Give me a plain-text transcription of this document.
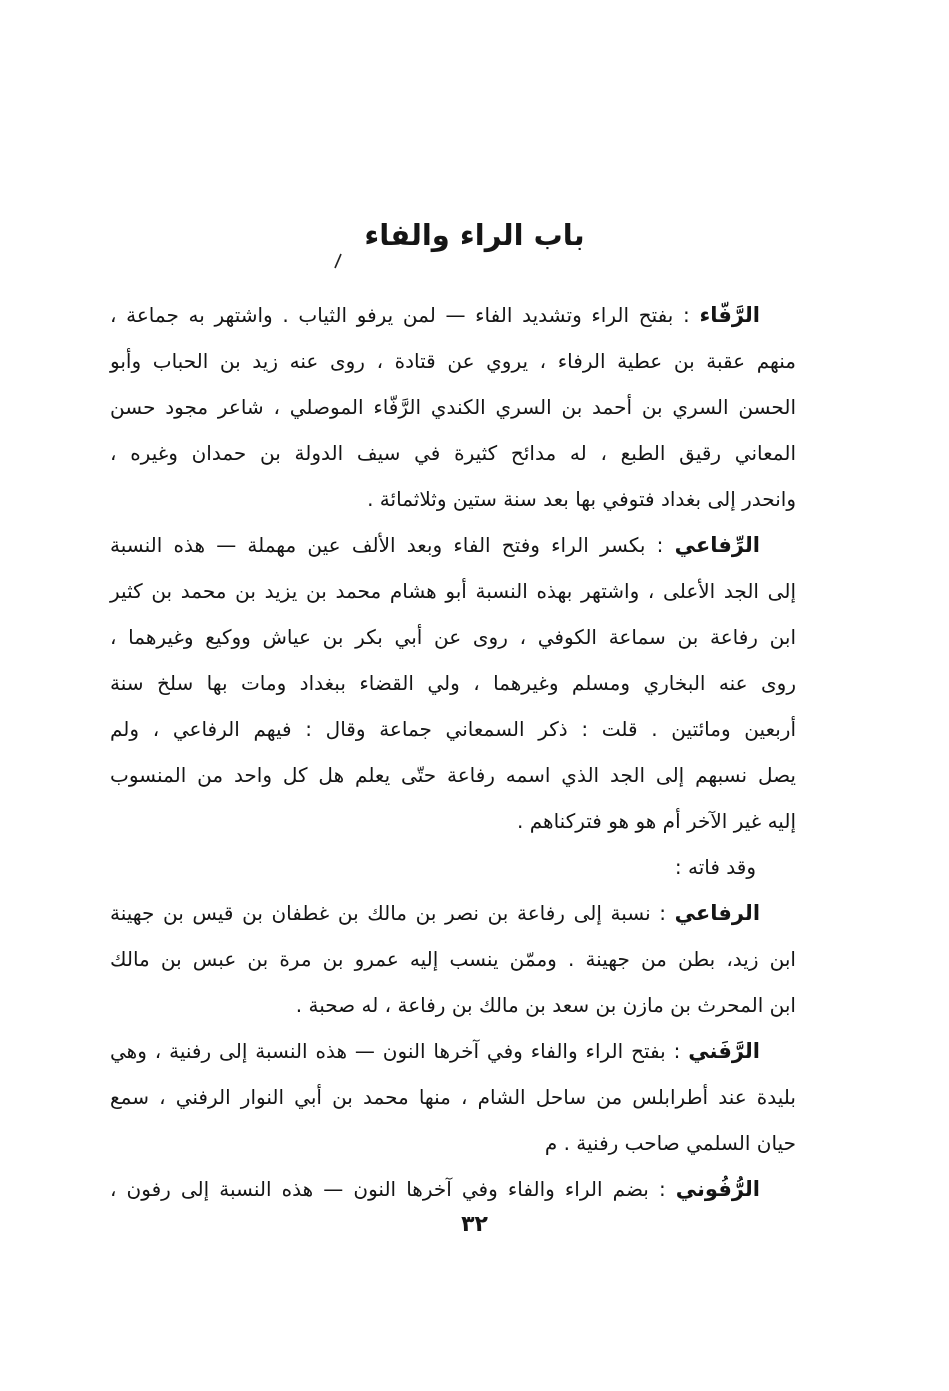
باب الراء والفاء
الرَّفّاء : بفتح الراء وتشديد الفاء — لمن يرفو الثياب . واشتهر به جماعة ،
منهم عقبة بن عطية الرفاء ، يروي عن قتادة ، روى عنه زيد بن الحباب وأبو
الحسن السري بن أحمد بن السري الكندي الرَّفّاء الموصلي ، شاعر مجود حسن
المعاني رقيق الطبع ، له مدائح كثيرة في سيف الدولة بن حمدان وغيره ،
وانحدر إلى بغداد فتوفي بها بعد سنة ستين وثلاثمائة .
الرِّفاعي : بكسر الراء وفتح الفاء وبعد الألف عين مهملة — هذه النسبة
إلى الجد الأعلى ، واشتهر بهذه النسبة أبو هشام محمد بن يزيد بن محمد بن كثير
ابن رفاعة بن سماعة الكوفي ، روى عن أبي بكر بن عياش ووكيع وغيرهما ،
روى عنه البخاري ومسلم وغيرهما ، ولي القضاء ببغداد ومات بها سلخ سنة
أربعين ومائتين . قلت : ذكر السمعاني جماعة وقال : فيهم الرفاعي ، ولم
يصل نسبهم إلى الجد الذي اسمه رفاعة حتّى يعلم هل كل واحد من المنسوب
إليه غير الآخر أم هو هو فتركناهم .
وقد فاته :
الرفاعي : نسبة إلى رفاعة بن نصر بن مالك بن غطفان بن قيس بن جهينة
ابن زيد، بطن من جهينة . وممّن ينسب إليه عمرو بن مرة بن عبس بن مالك
ابن المحرث بن مازن بن سعد بن مالك بن رفاعة ، له صحبة .
الرَّفَني : بفتح الراء والفاء وفي آخرها النون — هذه النسبة إلى رفنية ، وهي
بليدة عند أطرابلس من ساحل الشام ، منها محمد بن أبي النوار الرفني ، سمع
حيان السلمي صاحب رفنية . م
الرُّفُوني : بضم الراء والفاء وفي آخرها النون — هذه النسبة إلى رفون ،
٣٢
